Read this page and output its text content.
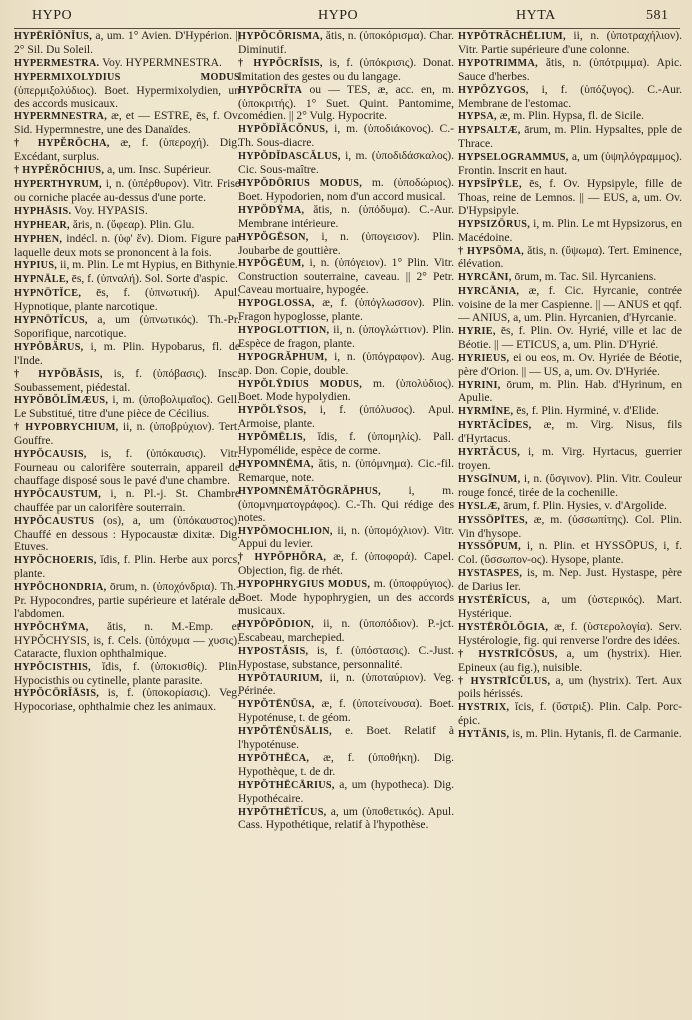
HYPO	HYPO	HYTA	581

HYPĒRĬŎNĬUS, a, um. 1° Avien. D'Hypérion. || 2° Sil. Du Soleil.

HYPERMESTRA. Voy. HYPERMNESTRA.

HYPERMIXOLYDIUS MODUS (ὑπερμιξολύδιος). Boet. Hypermixolydien, un des accords musicaux.

HYPERMNESTRA, æ, et — ESTRE, ēs, f. Ov. Sid. Hypermnestre, une des Danaïdes.

† HYPĔRŎCHA, æ, f. (ὑπεροχή). Dig. Excédant, surplus.

† HYPĔRŎCHIUS, a, um. Insc. Supérieur.

HYPERTHYRUM, i, n. (ὑπέρθυρον). Vitr. Frise ou corniche placée au-dessus d'une porte.

HYPHĀSIS. Voy. HYPASIS.

HYPHEAR, ăris, n. (ὕφεαρ). Plin. Glu.

HYPHEN, indécl. n. (ὑφ' ἕν). Diom. Figure par laquelle deux mots se prononcent à la fois.

HYPIUS, ii, m. Plin. Le mt Hypius, en Bithynie.

HYPNĀLE, ēs, f. (ὑπναλή). Sol. Sorte d'aspic.

HYPNŌTĬCE, ēs, f. (ὑπνωτική). Apul. Hypnotique, plante narcotique.

HYPNŌTĬCUS, a, um (ὑπνωτικός). Th.-Pr. Soporifique, narcotique.

HYPŎBĂRUS, i, m. Plin. Hypobarus, fl. de l'Inde.

† HYPŎBĂSIS, is, f. (ὑπόβασις). Insc. Soubassement, piédestal.

HYPŎBŎLĬMÆUS, i, m. (ὑποβολιμαῖος). Gell. Le Substitué, titre d'une pièce de Cécilius.

† HYPOBRYCHIUM, ii, n. (ὑποβρύχιον). Tert. Gouffre.

HYPŎCAUSIS, is, f. (ὑπόκαυσις). Vitr. Fourneau ou calorifère souterrain, appareil de chauffage disposé sous le pavé d'une chambre.

HYPŎCAUSTUM, i, n. Pl.-j. St. Chambre chauffée par un calorifère souterrain.

HYPŎCAUSTUS (os), a, um (ὑπόκαυστος). Chauffé en dessous : Hypocaustæ dixitæ. Dig. Etuves.

HYPŎCHOERIS, ĭdis, f. Plin. Herbe aux porcs, plante.

HYPŎCHONDRIA, ōrum, n. (ὑποχόνδρια). Th.-Pr. Hypocondres, partie supérieure et latérale de l'abdomen.

HYPŎCHȲMA, ătis, n. M.-Emp. et HYPŎCHYSIS, is, f. Cels. (ὑπόχυμα — χυσις). Cataracte, fluxion ophthalmique.

HYPŎCISTHIS, ĭdis, f. (ὑποκισθίς). Plin. Hypocisthis ou cytinelle, plante parasite.

HYPŎCŌRĬĀSIS, is, f. (ὑποκορίασις). Veg. Hypocoriase, ophthalmie chez les animaux.

HYPŎCŎRISMA, ătis, n. (ὑποκόρισμα). Char. Diminutif.

† HYPŎCRĬSIS, is, f. (ὑπόκρισις). Donat. Imitation des gestes ou du langage.

HYPŎCRĬTA ou — TES, æ, acc. en, m. (ὑποκριτής). 1° Suet. Quint. Pantomime, comédien. || 2° Vulg. Hypocrite.

HYPŎDĬĂCŎNUS, i, m. (ὑποδιάκονος). C.-Th. Sous-diacre.

HYPŎDĬDASCĂLUS, i, m. (ὑποδιδάσκαλος). Cic. Sous-maître.

HYPŎDŌRIUS MODUS, m. (ὑποδώριος). Boet. Hypodorien, nom d'un accord musical.

HYPŎDȲMA, ătis, n. (ὑπόδυμα). C.-Aur. Membrane intérieure.

HYPŎGĒSON, i, n. (ὑπογεισον). Plin. Joubarbe de gouttière.

HYPŎGĒUM, i, n. (ὑπόγειον). 1° Plin. Vitr. Construction souterraine, caveau. || 2° Petr. Caveau mortuaire, hypogée.

HYPOGLOSSA, æ, f. (ὑπόγλωσσον). Plin. Fragon hypoglosse, plante.

HYPOGLOTTION, ii, n. (ὑπογλώττιον). Plin. Espèce de fragon, plante.

HYPOGRĂPHUM, i, n. (ὑπόγραφον). Aug. ap. Don. Copie, double.

HYPŎLȲDIUS MODUS, m. (ὑπολύδιος). Boet. Mode hypolydien.

HYPŎLȲSOS, i, f. (ὑπόλυσος). Apul. Armoise, plante.

HYPŎMĒLIS, ĭdis, f. (ὑπομηλίς). Pall. Hypomélide, espèce de corme.

HYPOMNĒMA, ătis, n. (ὑπόμνημα). Cic.-fil. Remarque, note.

HYPOMNĒMĂTŎGRĂPHUS, i, m. (ὑπομνηματογράφος). C.-Th. Qui rédige des notes.

HYPŎMOCHLION, ii, n. (ὑπομόχλιον). Vitr. Appui du levier.

† HYPŎPHŎRA, æ, f. (ὑποφορά). Capel. Objection, fig. de rhét.

HYPOPHRYGIUS MODUS, m. (ὑποφρύγιος). Boet. Mode hypophrygien, un des accords musicaux.

HYPŎPŎDION, ii, n. (ὑποπόδιον). P.-jct. Escabeau, marchepied.

HYPOSTĂSIS, is, f. (ὑπόστασις). C.-Just. Hypostase, substance, personnalité.

HYPŎTAURIUM, ii, n. (ὑποταύριον). Veg. Périnée.

HYPŎTĒNŪSA, æ, f. (ὑποτείνουσα). Boet. Hypoténuse, t. de géom.

HYPŎTĒNŪSĀLIS, e. Boet. Relatif à l'hypoténuse.

HYPŎTHĒCA, æ, f. (ὑποθήκη). Dig. Hypothèque, t. de dr.

HYPŎTHĒCĀRIUS, a, um (hypotheca). Dig. Hypothécaire.

HYPŎTHĒTĬCUS, a, um (ὑποθετικός). Apul. Cass. Hypothétique, relatif à l'hypothèse.

HYPŎTRĂCHĒLIUM, ii, n. (ὑποτραχήλιον). Vitr. Partie supérieure d'une colonne.

HYPOTRIMMA, ătis, n. (ὑπότριμμα). Apic. Sauce d'herbes.

HYPŎZYGOS, i, f. (ὑπόζυγος). C.-Aur. Membrane de l'estomac.

HYPSA, æ, m. Plin. Hypsa, fl. de Sicile.

HYPSALTÆ, ārum, m. Plin. Hypsaltes, pple de Thrace.

HYPSELOGRAMMUS, a, um (ὑψηλόγραμμος). Frontin. Inscrit en haut.

HYPSĬPȲLE, ēs, f. Ov. Hypsipyle, fille de Thoas, reine de Lemnos. || — EUS, a, um. Ov. D'Hypsipyle.

HYPSIZŌRUS, i, m. Plin. Le mt Hypsizorus, en Macédoine.

† HYPSŌMA, ătis, n. (ὕψωμα). Tert. Eminence, élévation.

HYRCĀNI, ōrum, m. Tac. Sil. Hyrcaniens.

HYRCĀNIA, æ, f. Cic. Hyrcanie, contrée voisine de la mer Caspienne. || — ANUS et qqf. — ANIUS, a, um. Plin. Hyrcanien, d'Hyrcanie.

HYRIE, ēs, f. Plin. Ov. Hyrié, ville et lac de Béotie. || — ETICUS, a, um. Plin. D'Hyrié.

HYRIEUS, ei ou eos, m. Ov. Hyriée de Béotie, père d'Orion. || — US, a, um. Ov. D'Hyriée.

HYRINI, ōrum, m. Plin. Hab. d'Hyrinum, en Apulie.

HYRMĪNE, ēs, f. Plin. Hyrminé, v. d'Elide.

HYRTĂCĬDES, æ, m. Virg. Nisus, fils d'Hyrtacus.

HYRTĂCUS, i, m. Virg. Hyrtacus, guerrier troyen.

HYSGĪNUM, i, n. (ὕσγινον). Plin. Vitr. Couleur rouge foncé, tirée de la cochenille.

HYSLÆ, ārum, f. Plin. Hysies, v. d'Argolide.

HYSSŌPĪTES, æ, m. (ὑσσωπίτης). Col. Plin. Vin d'hysope.

HYSSŌPUM, i, n. Plin. et HYSSŌPUS, i, f. Col. (ὕσσωπον-ος). Hysope, plante.

HYSTASPES, is, m. Nep. Just. Hystaspe, père de Darius Ier.

HYSTĒRĬCUS, a, um (ὑστερικός). Mart. Hystérique.

HYSTĒRŎLŎGIA, æ, f. (ὑστερολογία). Serv. Hystérologie, fig. qui renverse l'ordre des idées.

† HYSTRĪCŌSUS, a, um (hystrix). Hier. Epineux (au fig.), nuisible.

† HYSTRĪCŬLUS, a, um (hystrix). Tert. Aux poils hérissés.

HYSTRIX, ĭcis, f. (ὕστριξ). Plin. Calp. Porc-épic.

HYTĂNIS, is, m. Plin. Hytanis, fl. de Carmanie.
